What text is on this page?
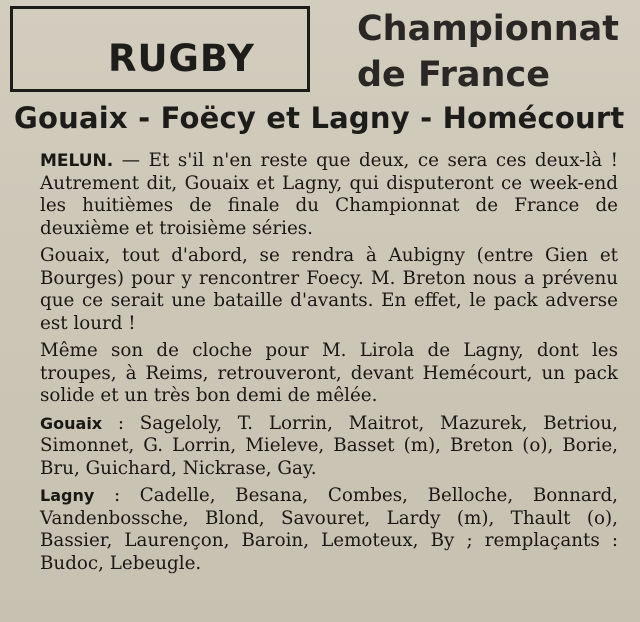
RUGBY
Championnat
de France
Gouaix - Foëcy et Lagny - Homécourt

MELUN. — Et s'il n'en reste que deux, ce sera ces deux-là ! Autrement dit, Gouaix et Lagny, qui disputeront ce week-end les huitièmes de finale du Championnat de France de deuxième et troisième séries.

Gouaix, tout d'abord, se rendra à Aubigny (entre Gien et Bourges) pour y rencontrer Foecy. M. Breton nous a prévenu que ce serait une bataille d'avants. En effet, le pack adverse est lourd !

Même son de cloche pour M. Lirola de Lagny, dont les troupes, à Reims, retrouveront, devant Hemécourt, un pack solide et un très bon demi de mêlée.

Gouaix : Sageloly, T. Lorrin, Maitrot, Mazurek, Betriou, Simonnet, G. Lorrin, Mieleve, Basset (m), Breton (o), Borie, Bru, Guichard, Nickrase, Gay.

Lagny : Cadelle, Besana, Combes, Belloche, Bonnard, Vandenbossche, Blond, Savouret, Lardy (m), Thault (o), Bassier, Laurençon, Baroin, Lemoteux, By ; remplaçants : Budoc, Lebeugle.
